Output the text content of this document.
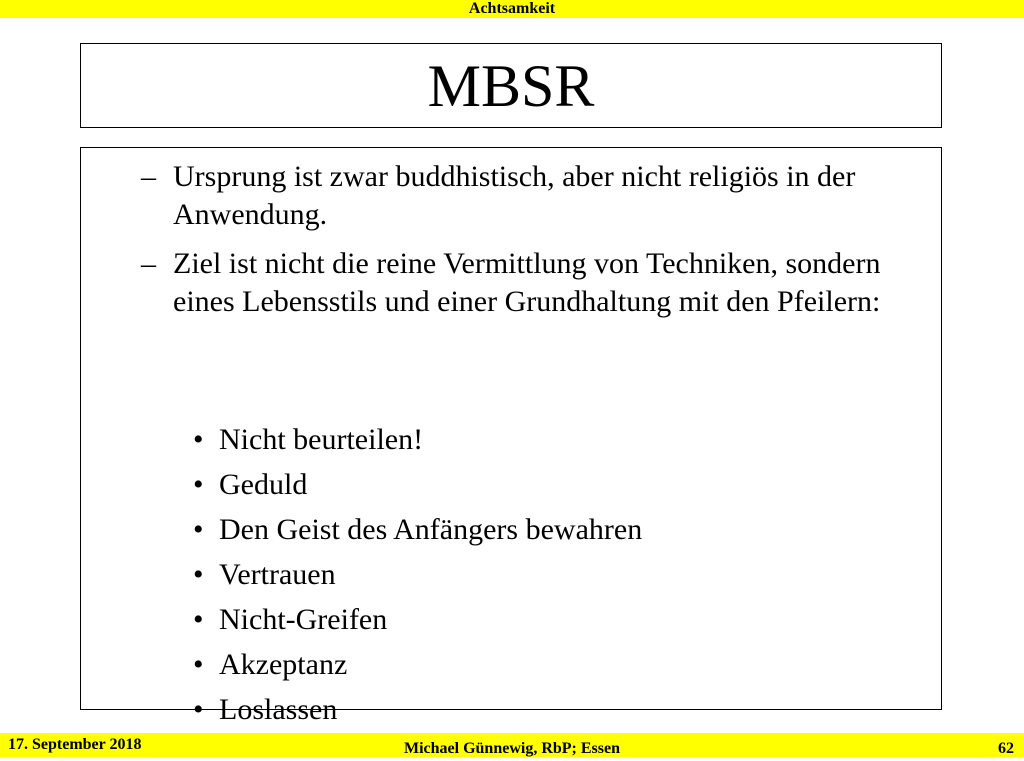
Achtsamkeit
MBSR
– Ursprung ist zwar buddhistisch, aber nicht religiös in der Anwendung.
– Ziel ist nicht die reine Vermittlung von Techniken, sondern eines Lebensstils und einer Grundhaltung mit den Pfeilern:
• Nicht beurteilen!
• Geduld
• Den Geist des Anfängers bewahren
• Vertrauen
• Nicht-Greifen
• Akzeptanz
• Loslassen
17. September 2018	Michael Günnewig, RbP; Essen	62
